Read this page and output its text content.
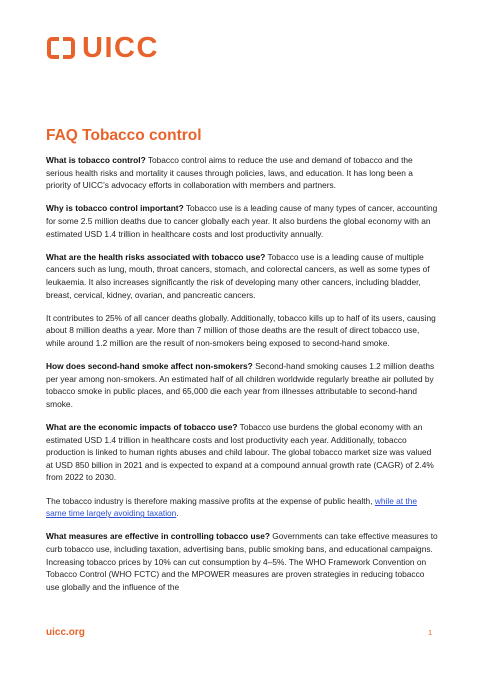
UICC
FAQ Tobacco control

What is tobacco control? Tobacco control aims to reduce the use and demand of tobacco and the serious health risks and mortality it causes through policies, laws, and education. It has long been a priority of UICC’s advocacy efforts in collaboration with members and partners.

Why is tobacco control important? Tobacco use is a leading cause of many types of cancer, accounting for some 2.5 million deaths due to cancer globally each year. It also burdens the global economy with an estimated USD 1.4 trillion in healthcare costs and lost productivity annually.

What are the health risks associated with tobacco use? Tobacco use is a leading cause of multiple cancers such as lung, mouth, throat cancers, stomach, and colorectal cancers, as well as some types of leukaemia. It also increases significantly the risk of developing many other cancers, including bladder, breast, cervical, kidney, ovarian, and pancreatic cancers.

It contributes to 25% of all cancer deaths globally. Additionally, tobacco kills up to half of its users, causing about 8 million deaths a year. More than 7 million of those deaths are the result of direct tobacco use, while around 1.2 million are the result of non-smokers being exposed to second-hand smoke.

How does second-hand smoke affect non-smokers? Second-hand smoking causes 1.2 million deaths per year among non-smokers. An estimated half of all children worldwide regularly breathe air polluted by tobacco smoke in public places, and 65,000 die each year from illnesses attributable to second-hand smoke.

What are the economic impacts of tobacco use? Tobacco use burdens the global economy with an estimated USD 1.4 trillion in healthcare costs and lost productivity each year. Additionally, tobacco production is linked to human rights abuses and child labour. The global tobacco market size was valued at USD 850 billion in 2021 and is expected to expand at a compound annual growth rate (CAGR) of 2.4% from 2022 to 2030.

The tobacco industry is therefore making massive profits at the expense of public health, while at the same time largely avoiding taxation.

What measures are effective in controlling tobacco use? Governments can take effective measures to curb tobacco use, including taxation, advertising bans, public smoking bans, and educational campaigns. Increasing tobacco prices by 10% can cut consumption by 4–5%. The WHO Framework Convention on Tobacco Control (WHO FCTC) and the MPOWER measures are proven strategies in reducing tobacco use globally and the influence of the

uicc.org	1
